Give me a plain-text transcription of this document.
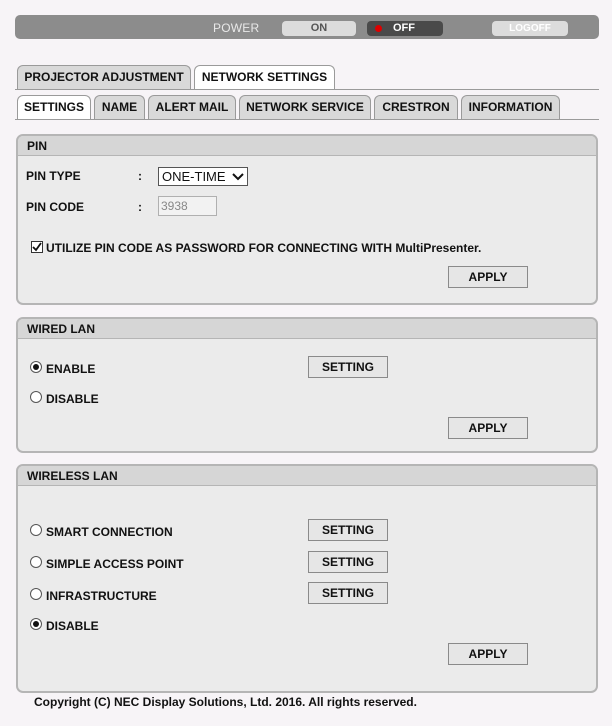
POWER	ON	OFF	LOGOFF
PROJECTOR ADJUSTMENT	NETWORK SETTINGS
SETTINGS	NAME	ALERT MAIL	NETWORK SERVICE	CRESTRON	INFORMATION
PIN
PIN TYPE	:	ONE-TIME
PIN CODE	: 3938
UTILIZE PIN CODE AS PASSWORD FOR CONNECTING WITH MultiPresenter.
APPLY
WIRED LAN
ENABLE	SETTING
DISABLE
APPLY
WIRELESS LAN
SMART CONNECTION	SETTING
SIMPLE ACCESS POINT	SETTING
INFRASTRUCTURE	SETTING
DISABLE
APPLY
Copyright (C) NEC Display Solutions, Ltd. 2016. All rights reserved.
